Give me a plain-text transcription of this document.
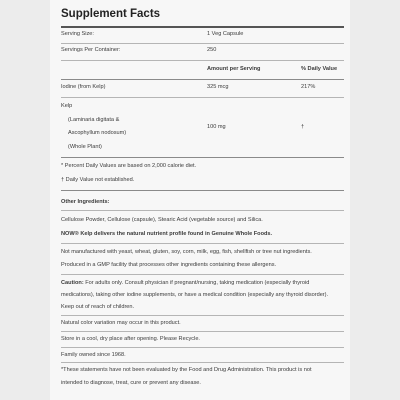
Supplement Facts
Serving Size:	1 Veg Capsule
Servings Per Container:	250
Amount per Serving	% Daily Value
Iodine (from Kelp)	325 mcg	217%
Kelp
(Laminaria digitata &
Ascophyllum nodosum)
(Whole Plant)
100 mg	†
* Percent Daily Values are based on 2,000 calorie diet.
† Daily Value not established.
Other Ingredients:
Cellulose Powder, Cellulose (capsule), Stearic Acid (vegetable source) and Silica.
NOW® Kelp delivers the natural nutrient profile found in Genuine Whole Foods.
Not manufactured with yeast, wheat, gluten, soy, corn, milk, egg, fish, shellfish or tree nut ingredients.
Produced in a GMP facility that processes other ingredients containing these allergens.
Caution: For adults only. Consult physician if pregnant/nursing, taking medication (especially thyroid
medications), taking other iodine supplements, or have a medical condition (especially any thyroid disorder).
Keep out of reach of children.
Natural color variation may occur in this product.
Store in a cool, dry place after opening. Please Recycle.
Family owned since 1968.
*These statements have not been evaluated by the Food and Drug Administration. This product is not
intended to diagnose, treat, cure or prevent any disease.
